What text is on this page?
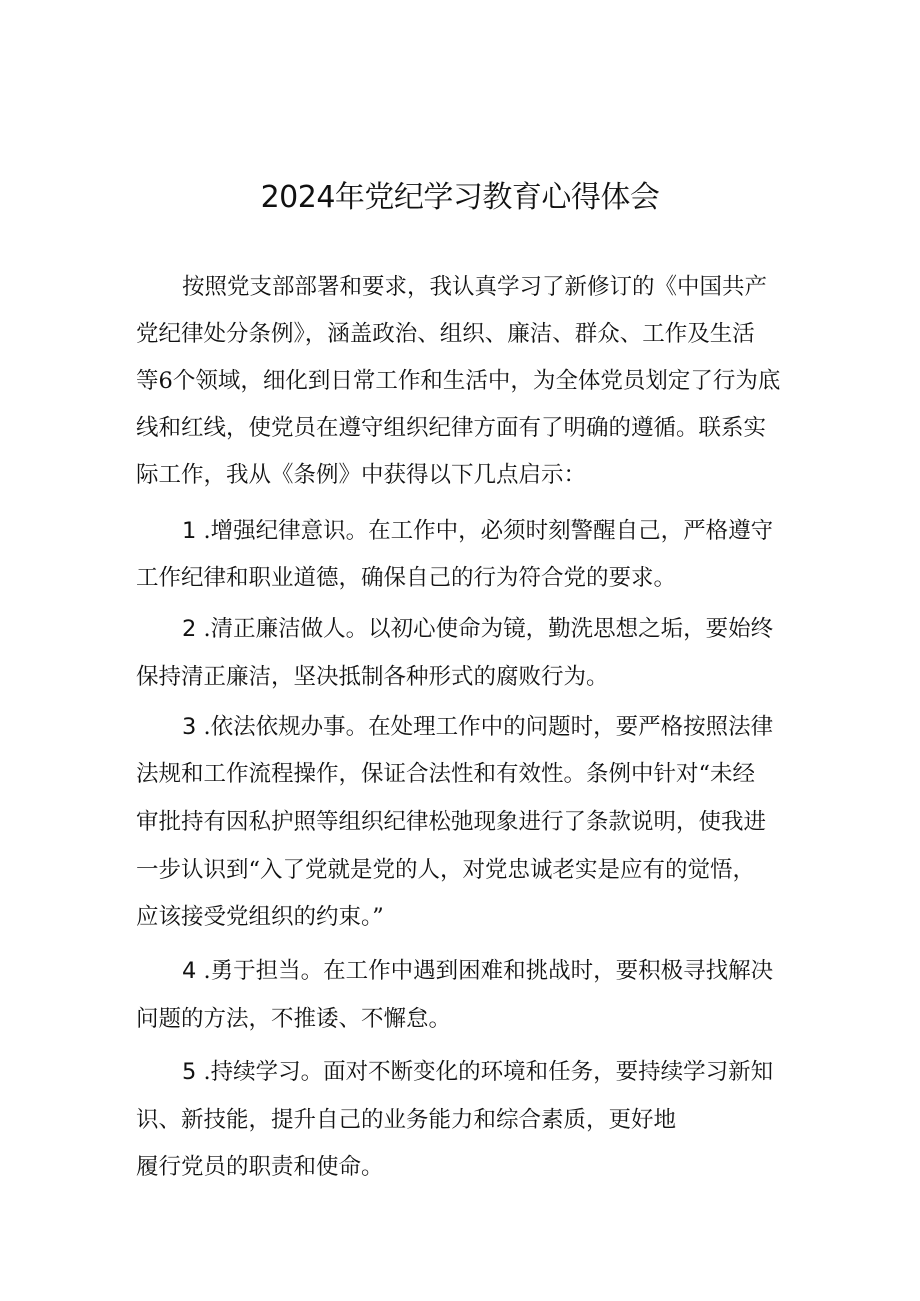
2024年党纪学习教育心得体会
按照党支部部署和要求，我认真学习了新修订的《中国共产
党纪律处分条例》，涵盖政治、组织、廉洁、群众、工作及生活
等6个领域，细化到日常工作和生活中，为全体党员划定了行为底
线和红线，使党员在遵守组织纪律方面有了明确的遵循。联系实
际工作，我从《条例》中获得以下几点启示：
1 .增强纪律意识。在工作中，必须时刻警醒自己，严格遵守
工作纪律和职业道德，确保自己的行为符合党的要求。
2 .清正廉洁做人。以初心使命为镜，勤洗思想之垢，要始终
保持清正廉洁，坚决抵制各种形式的腐败行为。
3 .依法依规办事。在处理工作中的问题时，要严格按照法律
法规和工作流程操作，保证合法性和有效性。条例中针对“未经
审批持有因私护照等组织纪律松弛现象进行了条款说明，使我进
一步认识到“入了党就是党的人，对党忠诚老实是应有的觉悟，
应该接受党组织的约束。”
4 .勇于担当。在工作中遇到困难和挑战时，要积极寻找解决
问题的方法，不推诿、不懈怠。
5 .持续学习。面对不断变化的环境和任务，要持续学习新知
识、新技能，提升自己的业务能力和综合素质，更好地
履行党员的职责和使命。
